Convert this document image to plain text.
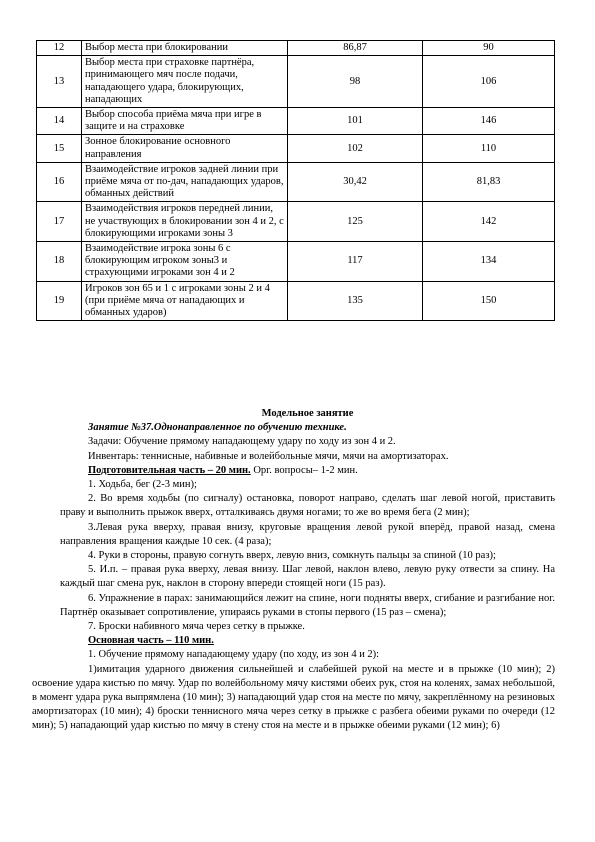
12	Выбор места при блокировании	86,87	90
13	Выбор места при страховке партнёра, принимающего мяч после подачи, нападающего удара, блокирующих, нападающих	98	106
14	Выбор способа приёма мяча при игре в защите и на страховке	101	146
15	Зонное блокирование основного направления	102	110
16	Взаимодействие игроков задней линии при приёме мяча от по-дач, нападающих ударов, обманных действий	30,42	81,83
17	Взаимодействия игроков передней линии, не участвующих в блокировании зон 4 и 2, с блокирующими игроками зоны 3	125	142
18	Взаимодействие игрока зоны 6 с блокирующим игроком зоны3 и страхующими игроками зон 4 и 2	117	134
19	Игроков зон 65 и 1 с игроками зоны 2 и 4 (при приёме мяча от нападающих и обманных ударов)	135	150

Модельное занятие

Занятие №37.Однонаправленное по обучению технике.

Задачи: Обучение прямому нападающему удару по ходу из зон 4 и 2.

Инвентарь: теннисные, набивные и волейбольные мячи, мячи на амортизаторах.

Подготовительная часть – 20 мин. Орг. вопросы– 1-2 мин.

1. Ходьба, бег (2-3 мин);

2. Во время ходьбы (по сигналу) остановка, поворот направо, сделать шаг левой ногой, приставить праву и выполнить прыжок вверх, отталкиваясь двумя ногами; то же во время бега (2 мин);

3.Левая рука вверху, правая внизу, круговые вращения левой рукой вперёд, правой назад, смена направления вращения каждые 10 сек. (4 раза);

4. Руки в стороны, правую согнуть вверх, левую вниз, сомкнуть пальцы за спиной (10 раз);

5. И.п. – правая рука вверху, левая внизу. Шаг левой, наклон влево, левую руку отвести за спину. На каждый шаг смена рук, наклон в сторону впереди стоящей ноги (15 раз).

6. Упражнение в парах: занимающийся лежит на спине, ноги подняты вверх, сгибание и разгибание ног. Партнёр оказывает сопротивление, упираясь руками в стопы первого (15 раз – смена);

7. Броски набивного мяча через сетку в прыжке.

Основная часть – 110 мин.

1. Обучение прямому нападающему удару (по ходу, из зон 4 и 2):

1)имитация ударного движения сильнейшей и слабейшей рукой на месте и в прыжке (10 мин); 2) освоение удара кистью по мячу. Удар по волейбольному мячу кистями обеих рук, стоя на коленях, замах небольшой, в момент удара рука выпрямлена (10 мин); 3) нападающий удар стоя на месте по мячу, закреплённому на резиновых амортизаторах (10 мин); 4) броски теннисного мяча через сетку в прыжке с разбега обеими руками по очереди (12 мин); 5) нападающий удар кистью по мячу в стену стоя на месте и в прыжке обеими руками (12 мин); 6)
